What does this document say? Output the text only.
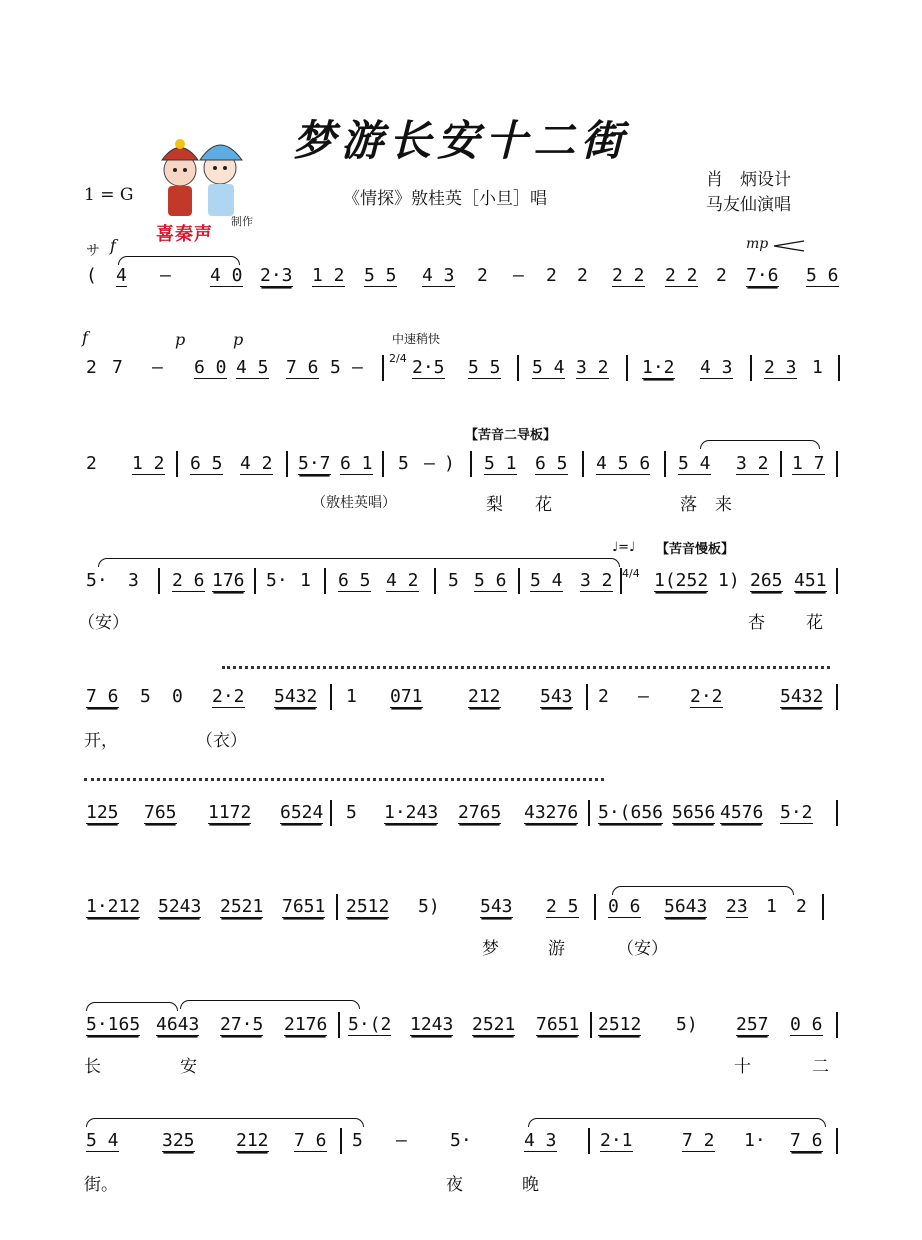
梦游长安十二街
喜秦声
制作
1 = G	《情探》敫桂英［小旦］唱
肖　炳设计
马友仙演唱
サ f	mp
( 4 – 4 0 2·3 1 2 5 5 4 3 2 – 2 2 2 2 2 2 2 7·6 5 6
f	p	p	中速稍快
2/4
2 7 – 6 0 4 5 7 6 5 –	2·5 5 5 5 4 3 2 1·2 4 3 2 3 1
【苦音二导板】
2 1 2 6 5 4 2 5·7 6 1 5 – ) 5 1 6 5 4 5 6 5 4 3 2 1 7
（敫桂英唱）	梨 花	落 来
♩=♩ 【苦音慢板】
4/4
5· 3 2 6 176 5· 1 6 5 4 2 5 5 6 5 4 3 2 1(252 1) 265 451
（安）	杏 花
7 6 5 0 2·2 5432 1 071	212 543 2 – 2·2	5432
开，	（衣）
125 765 1172 6524 5 1·243 2765 43276 5·(656 5656 4576 5·2
1·212 5243 2521 7651 2512 5) 543 2 5 0 6 5643 23 1 2
梦	游	（安）
5·165 4643 27·5 2176 5·(2 1243 2521 7651 2512 5) 257 0 6
长	安	十	二
5 4 325 212 7 6 5 – 5·	4 3 2·1	7 2 1· 7 6
街。	夜	晚
